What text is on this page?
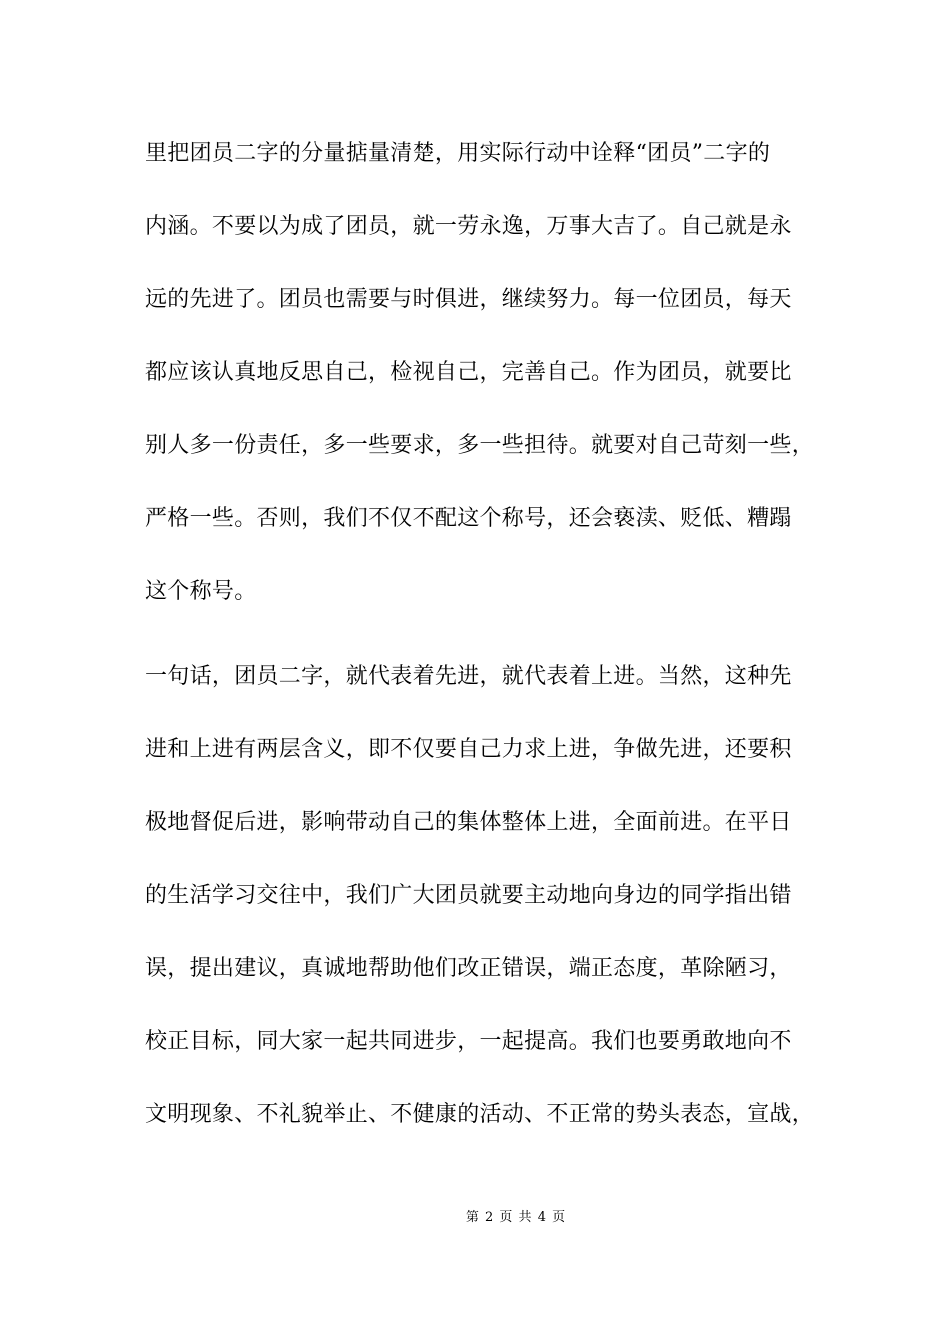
里把团员二字的分量掂量清楚，用实际行动中诠释“团员”二字的
内涵。不要以为成了团员，就一劳永逸，万事大吉了。自己就是永
远的先进了。团员也需要与时俱进，继续努力。每一位团员，每天
都应该认真地反思自己，检视自己，完善自己。作为团员，就要比
别人多一份责任，多一些要求，多一些担待。就要对自己苛刻一些，
严格一些。否则，我们不仅不配这个称号，还会亵渎、贬低、糟蹋
这个称号。
一句话，团员二字，就代表着先进，就代表着上进。当然，这种先
进和上进有两层含义，即不仅要自己力求上进，争做先进，还要积
极地督促后进，影响带动自己的集体整体上进，全面前进。在平日
的生活学习交往中，我们广大团员就要主动地向身边的同学指出错
误，提出建议，真诚地帮助他们改正错误，端正态度，革除陋习，
校正目标，同大家一起共同进步，一起提高。我们也要勇敢地向不
文明现象、不礼貌举止、不健康的活动、不正常的势头表态，宣战，
第 2 页 共 4 页
